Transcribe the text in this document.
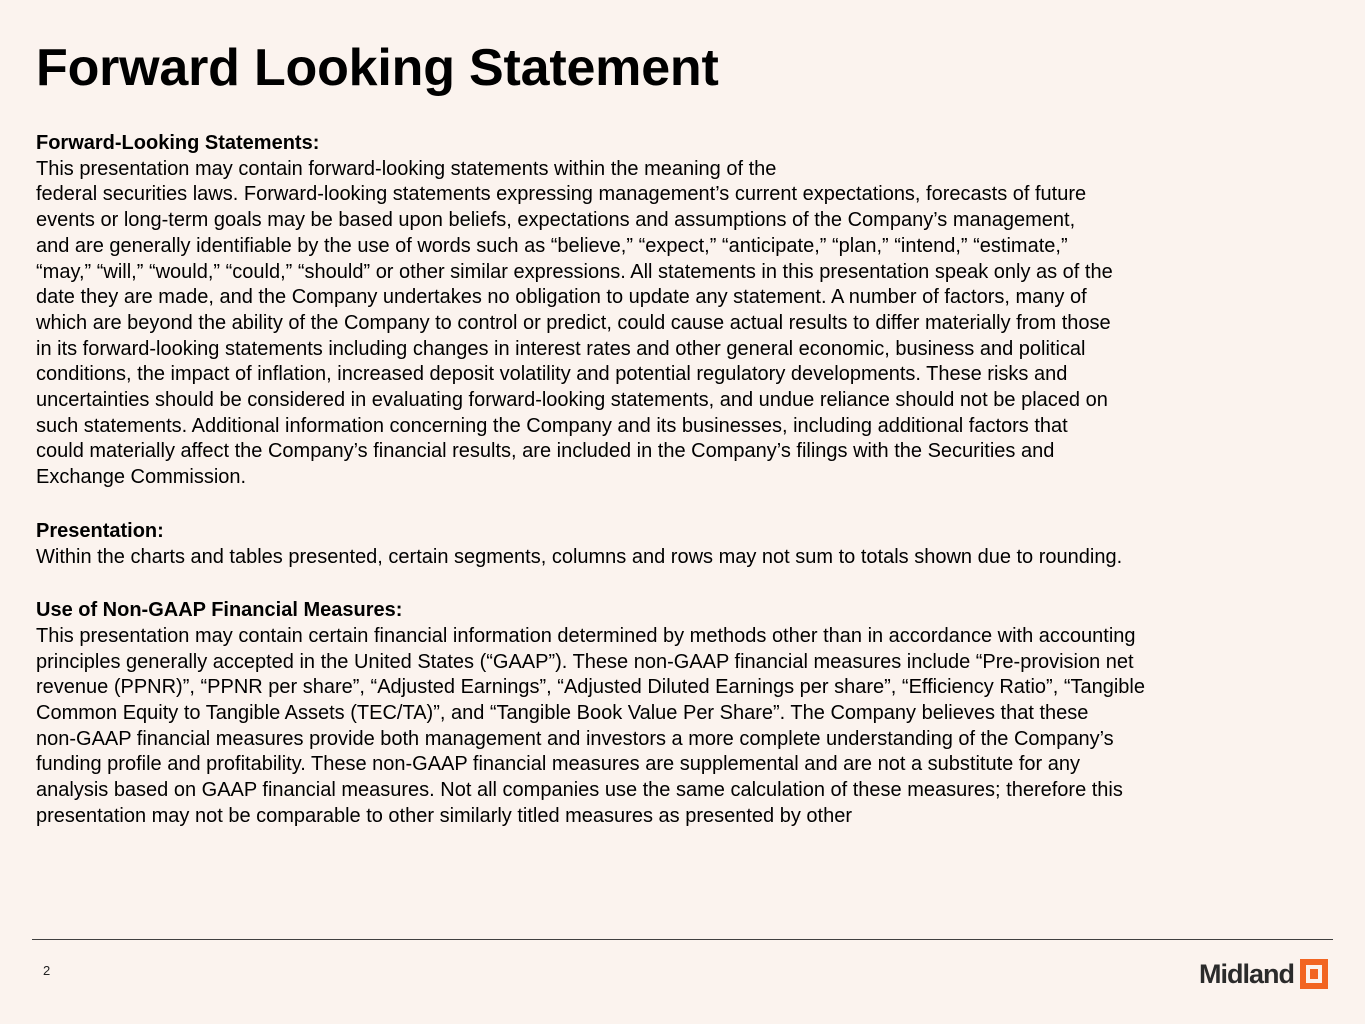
Forward Looking Statement
Forward-Looking Statements:
This presentation may contain forward-looking statements within the meaning of the
federal securities laws. Forward-looking statements expressing management’s current expectations, forecasts of future
events or long-term goals may be based upon beliefs, expectations and assumptions of the Company’s management,
and are generally identifiable by the use of words such as “believe,” “expect,” “anticipate,” “plan,” “intend,” “estimate,”
“may,” “will,” “would,” “could,” “should” or other similar expressions. All statements in this presentation speak only as of the
date they are made, and the Company undertakes no obligation to update any statement. A number of factors, many of
which are beyond the ability of the Company to control or predict, could cause actual results to differ materially from those
in its forward-looking statements including changes in interest rates and other general economic, business and political
conditions, the impact of inflation, increased deposit volatility and potential regulatory developments. These risks and
uncertainties should be considered in evaluating forward-looking statements, and undue reliance should not be placed on
such statements. Additional information concerning the Company and its businesses, including additional factors that
could materially affect the Company’s financial results, are included in the Company’s filings with the Securities and
Exchange Commission.
Presentation:
Within the charts and tables presented, certain segments, columns and rows may not sum to totals shown due to rounding.
Use of Non-GAAP Financial Measures:
This presentation may contain certain financial information determined by methods other than in accordance with accounting
principles generally accepted in the United States (“GAAP”). These non-GAAP financial measures include “Pre-provision net
revenue (PPNR)”, “PPNR per share”, “Adjusted Earnings”, “Adjusted Diluted Earnings per share”, “Efficiency Ratio”, “Tangible
Common Equity to Tangible Assets (TEC/TA)”, and “Tangible Book Value Per Share”. The Company believes that these
non-GAAP financial measures provide both management and investors a more complete understanding of the Company’s
funding profile and profitability. These non-GAAP financial measures are supplemental and are not a substitute for any
analysis based on GAAP financial measures. Not all companies use the same calculation of these measures; therefore this
presentation may not be comparable to other similarly titled measures as presented by other
2	Midland
